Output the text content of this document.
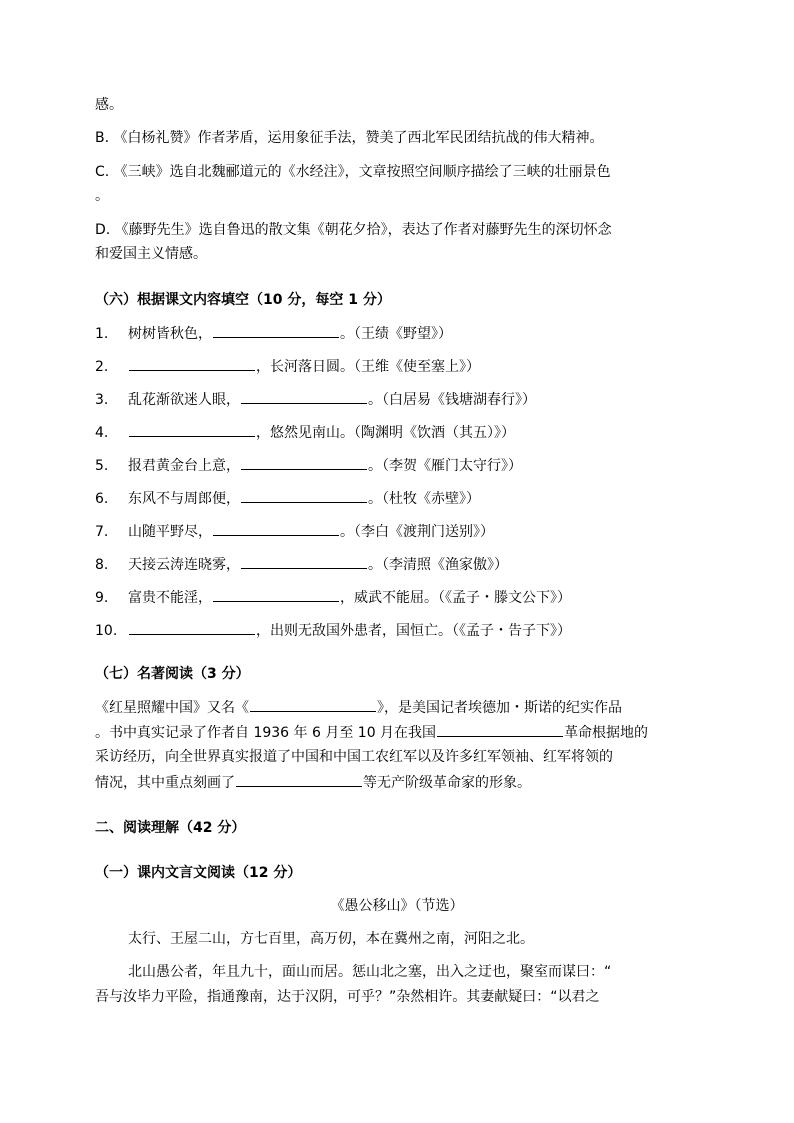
感。
B. 《白杨礼赞》作者茅盾，运用象征手法，赞美了西北军民团结抗战的伟大精神。
C. 《三峡》选自北魏郦道元的《水经注》，文章按照空间顺序描绘了三峡的壮丽景色
。
D. 《藤野先生》选自鲁迅的散文集《朝花夕拾》，表达了作者对藤野先生的深切怀念
和爱国主义情感。
（六）根据课文内容填空（10 分，每空 1 分）
1. 树树皆秋色，	。（王绩《野望》）
2.	，长河落日圆。（王维《使至塞上》）
3. 乱花渐欲迷人眼，	。（白居易《钱塘湖春行》）
4.	，悠然见南山。（陶渊明《饮酒（其五）》）
5. 报君黄金台上意，	。（李贺《雁门太守行》）
6. 东风不与周郎便，	。（杜牧《赤壁》）
7. 山随平野尽，	。（李白《渡荆门送别》）
8. 天接云涛连晓雾，	。（李清照《渔家傲》）
9. 富贵不能淫，	，威武不能屈。（《孟子・滕文公下》）
10.	，出则无敌国外患者，国恒亡。（《孟子・告子下》）
（七）名著阅读（3 分）
《红星照耀中国》又名《	》，是美国记者埃德加・斯诺的纪实作品
。书中真实记录了作者自 1936 年 6 月至 10 月在我国	革命根据地的
采访经历，向全世界真实报道了中国和中国工农红军以及许多红军领袖、红军将领的
情况，其中重点刻画了	等无产阶级革命家的形象。
二、阅读理解（42 分）
（一）课内文言文阅读（12 分）
《愚公移山》（节选）
太行、王屋二山，方七百里，高万仞，本在冀州之南，河阳之北。
北山愚公者，年且九十，面山而居。惩山北之塞，出入之迂也，聚室而谋曰：“
吾与汝毕力平险，指通豫南，达于汉阴，可乎？”杂然相许。其妻献疑曰：“以君之
